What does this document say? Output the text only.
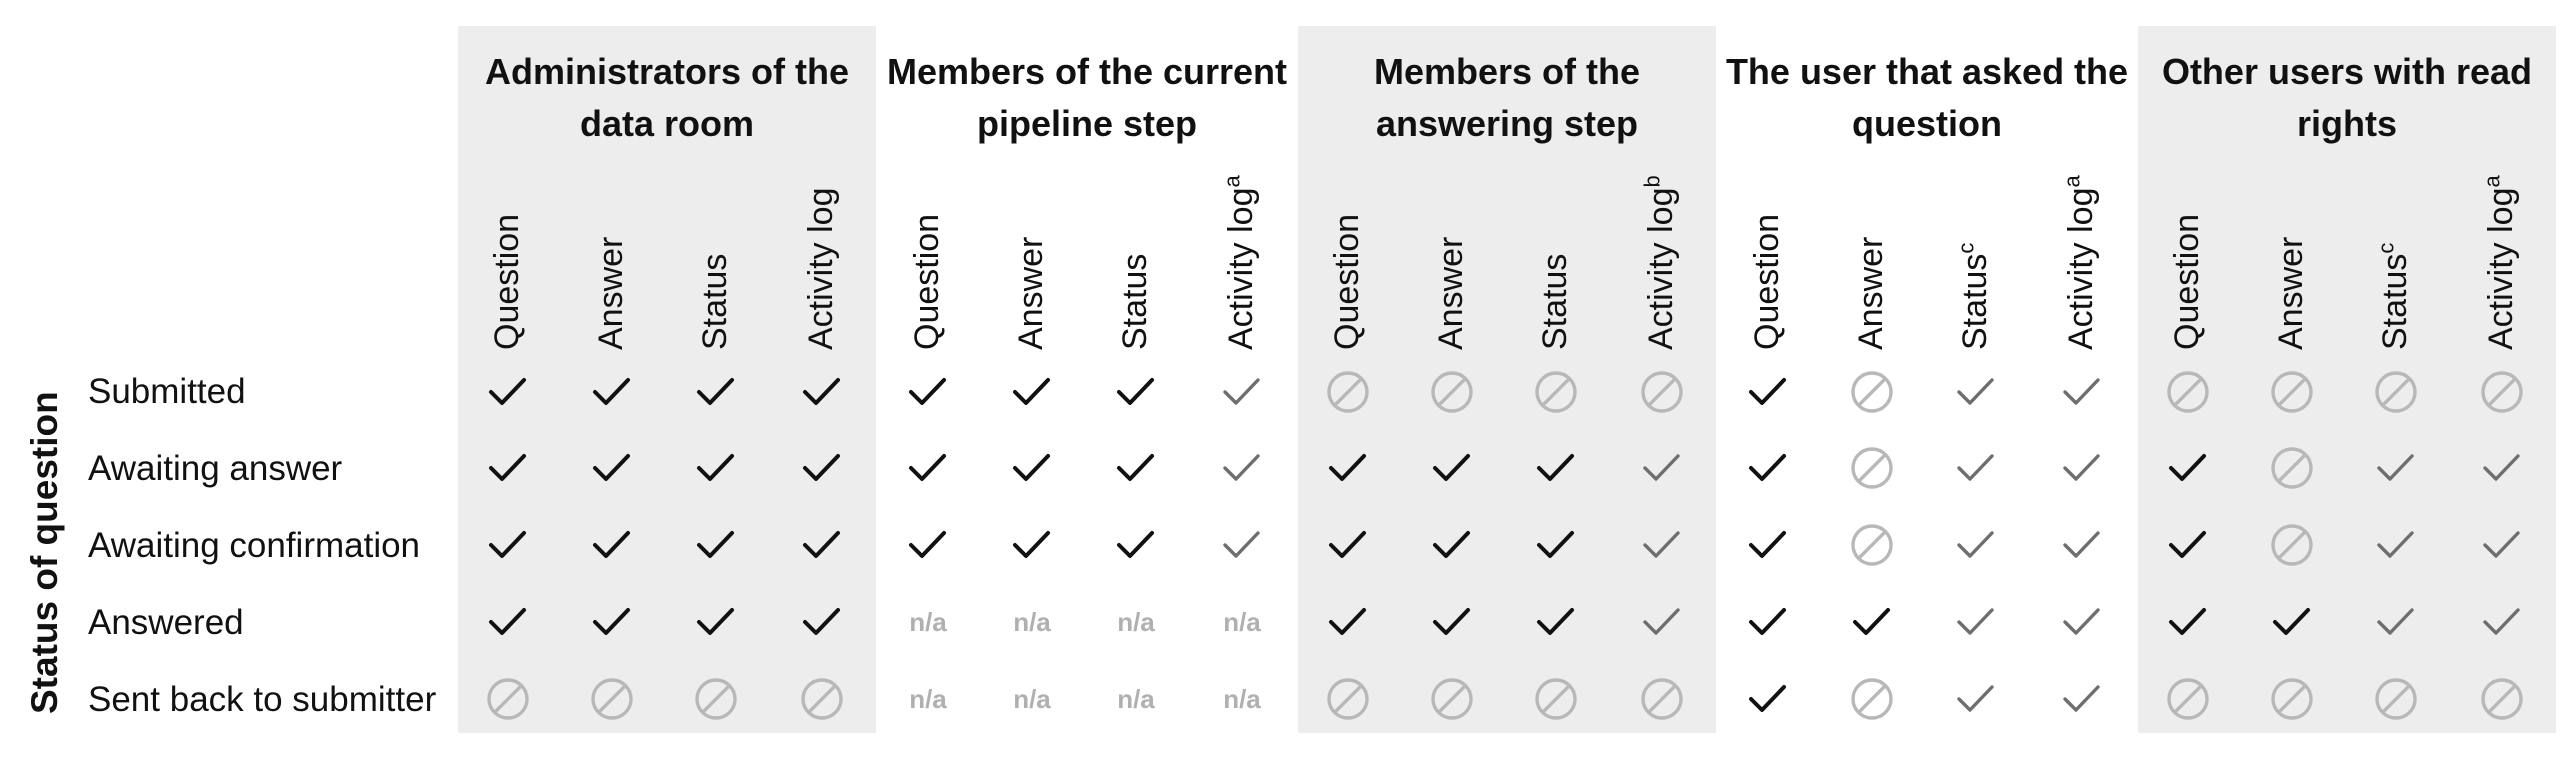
Status of question Submitted
Awaiting answer
Awaiting confirmation
Answered
Sent back to submitter
Administrators of the data room
Question Answer Status Activity log
Members of the current pipeline step
Question
n/a
n/a
Answer
n/a
n/a
Status
n/a
n/a
Activity $\log^a$
n/a
n/a
Members of the answering step
Question Answer Status Activity $\log^b$
The user that asked the question
Question Answer Status$^c$	Activity $\log^a$
Other users with read rights
Question Answer Status$^c$	Activity $\log^a$
